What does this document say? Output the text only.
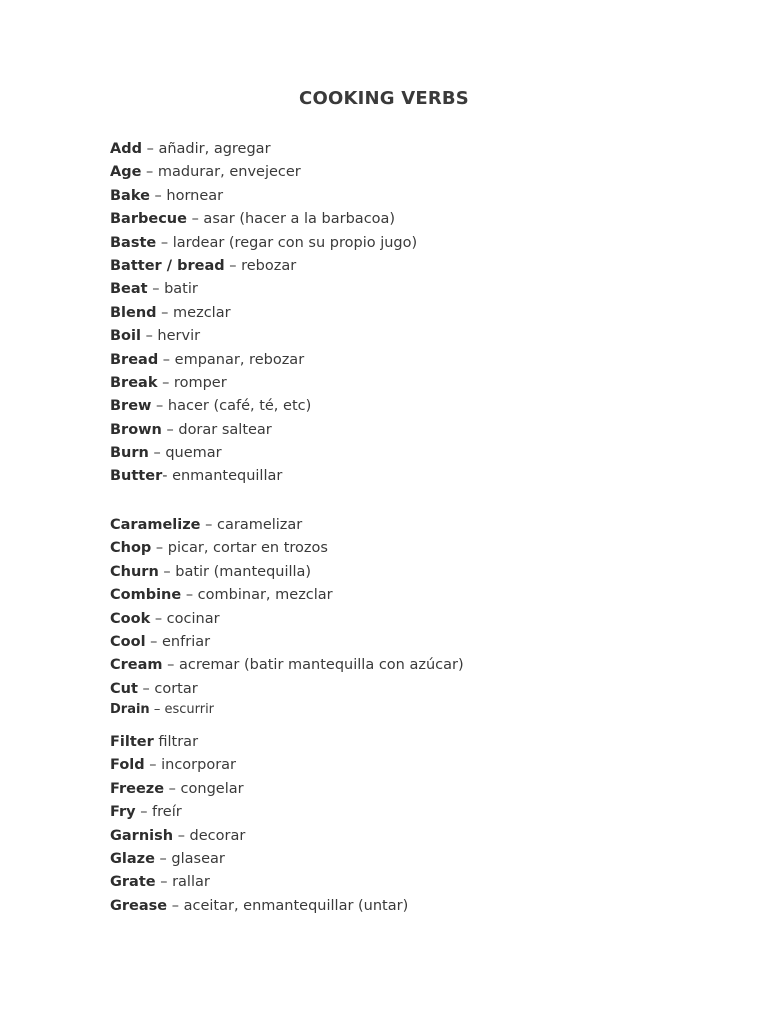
COOKING VERBS
Add – añadir, agregar
Age – madurar, envejecer
Bake – hornear
Barbecue – asar (hacer a la barbacoa)
Baste – lardear (regar con su propio jugo)
Batter / bread – rebozar
Beat – batir
Blend – mezclar
Boil – hervir
Bread – empanar, rebozar
Break – romper
Brew – hacer (café, té, etc)
Brown – dorar saltear
Burn – quemar
Butter- enmantequillar
Caramelize – caramelizar
Chop – picar, cortar en trozos
Churn – batir (mantequilla)
Combine – combinar, mezclar
Cook – cocinar
Cool – enfriar
Cream – acremar (batir mantequilla con azúcar)
Cut – cortar
Drain – escurrir
Filter filtrar
Fold – incorporar
Freeze – congelar
Fry – freír
Garnish – decorar
Glaze – glasear
Grate – rallar
Grease – aceitar, enmantequillar (untar)
